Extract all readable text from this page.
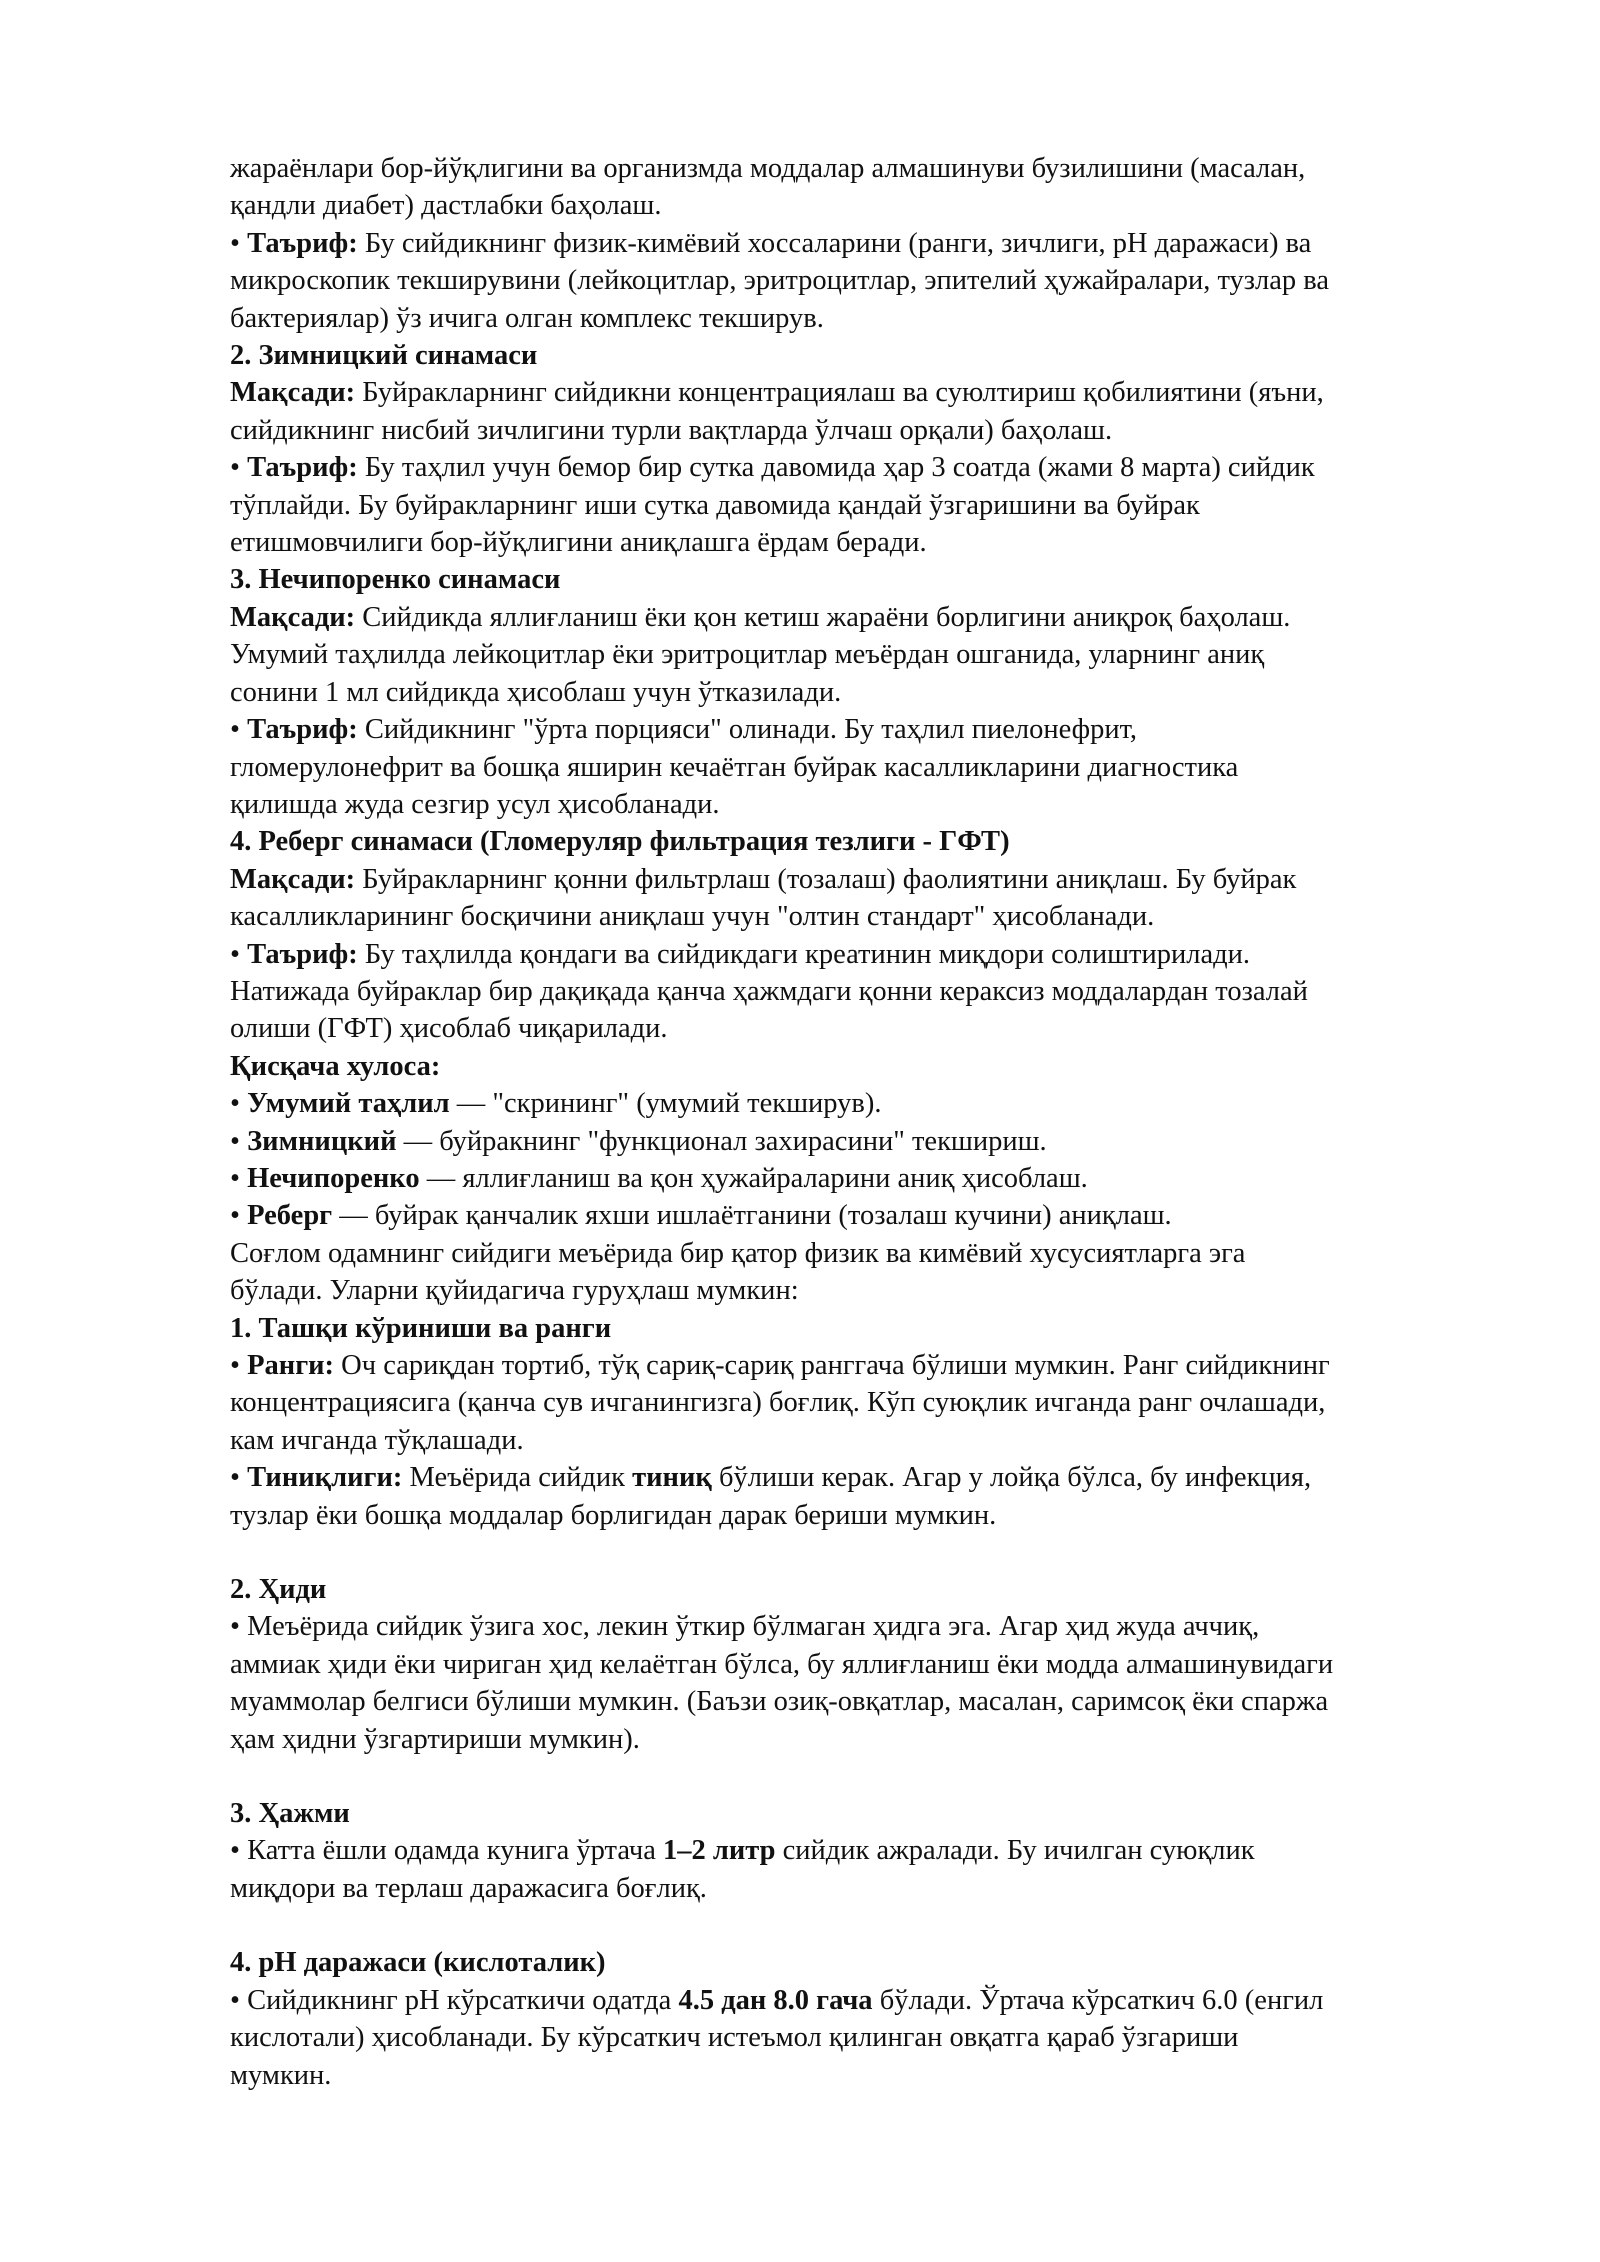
жараёнлари бор-йўқлигини ва организмда моддалар алмашинуви бузилишини (масалан,
қандли диабет) дастлабки баҳолаш.

• Таъриф: Бу сийдикнинг физик-кимёвий хоссаларини (ранги, зичлиги, pH даражаси) ва
микроскопик текширувини (лейкоцитлар, эритроцитлар, эпителий ҳужайралари, тузлар ва
бактериялар) ўз ичига олган комплекс текширув.

2. Зимницкий синамаси

Мақсади: Буйракларнинг сийдикни концентрациялаш ва суюлтириш қобилиятини (яъни,
сийдикнинг нисбий зичлигини турли вақтларда ўлчаш орқали) баҳолаш.

• Таъриф: Бу таҳлил учун бемор бир сутка давомида ҳар 3 соатда (жами 8 марта) сийдик
тўплайди. Бу буйракларнинг иши сутка давомида қандай ўзгаришини ва буйрак
етишмовчилиги бор-йўқлигини аниқлашга ёрдам беради.

3. Нечипоренко синамаси

Мақсади: Сийдикда яллиғланиш ёки қон кетиш жараёни борлигини аниқроқ баҳолаш.
Умумий таҳлилда лейкоцитлар ёки эритроцитлар меъёрдан ошганида, уларнинг аниқ
сонини 1 мл сийдикда ҳисоблаш учун ўтказилади.

• Таъриф: Сийдикнинг "ўрта порцияси" олинади. Бу таҳлил пиелонефрит,
гломерулонефрит ва бошқа яширин кечаётган буйрак касалликларини диагностика
қилишда жуда сезгир усул ҳисобланади.

4. Реберг синамаси (Гломеруляр фильтрация тезлиги - ГФТ)

Мақсади: Буйракларнинг қонни фильтрлаш (тозалаш) фаолиятини аниқлаш. Бу буйрак
касалликларининг босқичини аниқлаш учун "олтин стандарт" ҳисобланади.

• Таъриф: Бу таҳлилда қондаги ва сийдикдаги креатинин миқдори солиштирилади.
Натижада буйраклар бир дақиқада қанча ҳажмдаги қонни кераксиз моддалардан тозалай
олиши (ГФТ) ҳисоблаб чиқарилади.

Қисқача хулоса:

• Умумий таҳлил — "скрининг" (умумий текширув).

• Зимницкий — буйракнинг "функционал захирасини" текшириш.

• Нечипоренко — яллиғланиш ва қон ҳужайраларини аниқ ҳисоблаш.

• Реберг — буйрак қанчалик яхши ишлаётганини (тозалаш кучини) аниқлаш.

Соғлом одамнинг сийдиги меъёрида бир қатор физик ва кимёвий хусусиятларга эга
бўлади. Уларни қуйидагича гуруҳлаш мумкин:

1. Ташқи кўриниши ва ранги

• Ранги: Оч сариқдан тортиб, тўқ сариқ-сариқ ранггача бўлиши мумкин. Ранг сийдикнинг
концентрациясига (қанча сув ичганингизга) боғлиқ. Кўп суюқлик ичганда ранг очлашади,
кам ичганда тўқлашади.

• Тиниқлиги: Меъёрида сийдик тиниқ бўлиши керак. Агар у лойқа бўлса, бу инфекция,
тузлар ёки бошқа моддалар борлигидан дарак бериши мумкин.

2. Ҳиди

• Меъёрида сийдик ўзига хос, лекин ўткир бўлмаган ҳидга эга. Агар ҳид жуда аччиқ,
аммиак ҳиди ёки чириган ҳид келаётган бўлса, бу яллиғланиш ёки модда алмашинувидаги
муаммолар белгиси бўлиши мумкин. (Баъзи озиқ-овқатлар, масалан, саримсоқ ёки спаржа
ҳам ҳидни ўзгартириши мумкин).

3. Ҳажми

• Катта ёшли одамда кунига ўртача 1–2 литр сийдик ажралади. Бу ичилган суюқлик
миқдори ва терлаш даражасига боғлиқ.

4. pH даражаси (кислоталик)

• Сийдикнинг pH кўрсаткичи одатда 4.5 дан 8.0 гача бўлади. Ўртача кўрсаткич 6.0 (енгил
кислотали) ҳисобланади. Бу кўрсаткич истеъмол қилинган овқатга қараб ўзгариши
мумкин.
